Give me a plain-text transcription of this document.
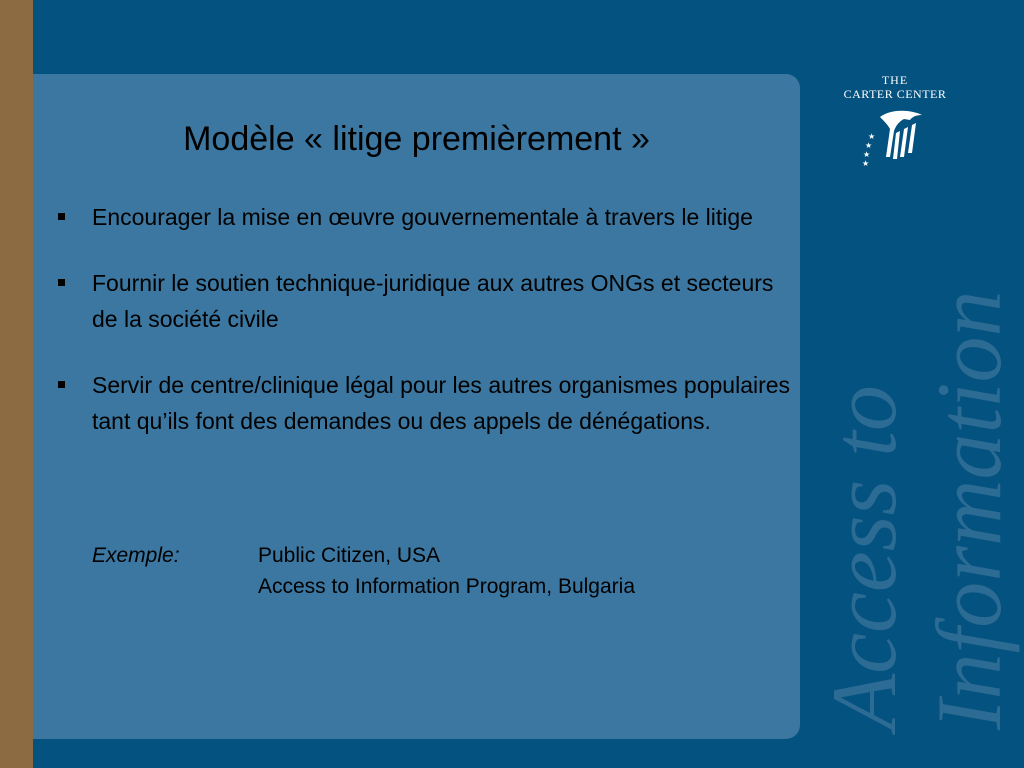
Access to Information
Modèle « litige premièrement »
Encourager la mise en œuvre gouvernementale à travers le litige
Fournir le soutien technique-juridique aux autres ONGs et secteurs de la société civile
Servir de centre/clinique légal pour les autres organismes populaires tant qu’ils font des demandes ou des appels de dénégations.
Exemple:	Public Citizen, USA
Access to Information Program, Bulgaria
THE
CARTER CENTER
★
★
★
★
